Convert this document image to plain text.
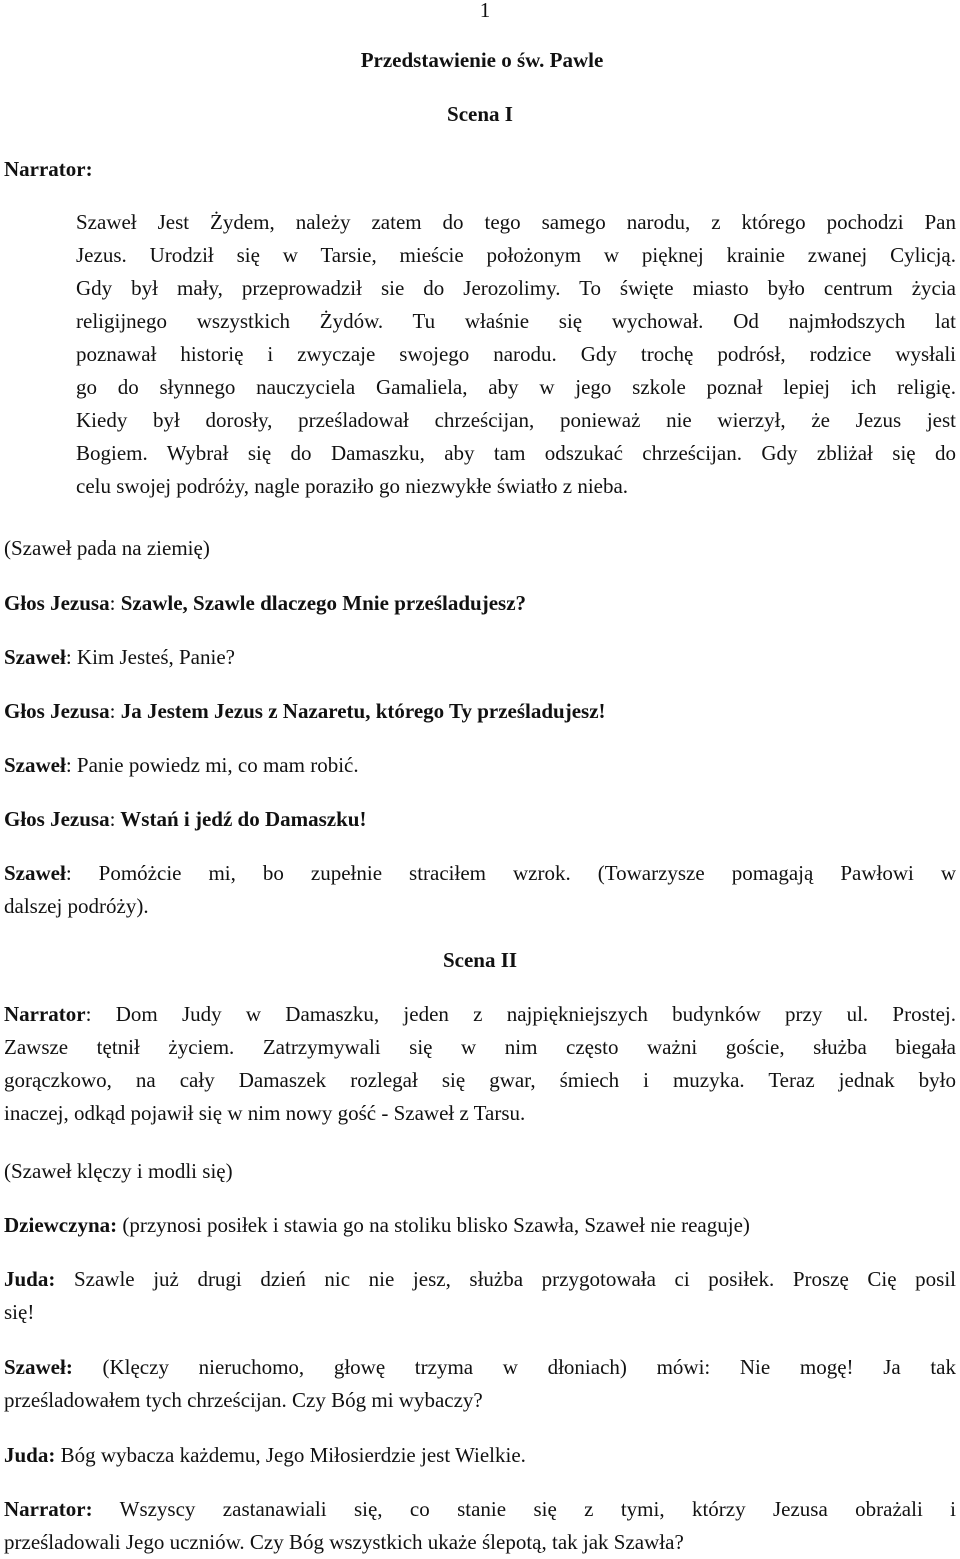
1
Przedstawienie o św. Pawle
Scena I
Narrator:
Szaweł Jest Żydem, należy zatem do tego samego narodu, z którego pochodzi Pan
Jezus. Urodził się w Tarsie, mieście położonym w pięknej krainie zwanej Cylicją.
Gdy był mały, przeprowadził sie do Jerozolimy. To święte miasto było centrum życia
religijnego wszystkich Żydów. Tu właśnie się wychował. Od najmłodszych lat
poznawał historię i zwyczaje swojego narodu. Gdy trochę podrósł, rodzice wysłali
go do słynnego nauczyciela Gamaliela, aby w jego szkole poznał lepiej ich religię.
Kiedy był dorosły, prześladował chrześcijan, ponieważ nie wierzył, że Jezus jest
Bogiem. Wybrał się do Damaszku, aby tam odszukać chrześcijan. Gdy zbliżał się do
celu swojej podróży, nagle poraziło go niezwykłe światło z nieba.
(Szaweł pada na ziemię)
Głos Jezusa: Szawle, Szawle dlaczego Mnie prześladujesz?
Szaweł: Kim Jesteś, Panie?
Głos Jezusa: Ja Jestem Jezus z Nazaretu, którego Ty prześladujesz!
Szaweł: Panie powiedz mi, co mam robić.
Głos Jezusa: Wstań i jedź do Damaszku!
Szaweł: Pomóżcie mi, bo zupełnie straciłem wzrok. (Towarzysze pomagają Pawłowi w
dalszej podróży).
Scena II
Narrator: Dom Judy w Damaszku, jeden z najpiękniejszych budynków przy ul. Prostej.
Zawsze tętnił życiem. Zatrzymywali się w nim często ważni goście, służba biegała
gorączkowo, na cały Damaszek rozlegał się gwar, śmiech i muzyka. Teraz jednak było
inaczej, odkąd pojawił się w nim nowy gość - Szaweł z Tarsu.
(Szaweł klęczy i modli się)
Dziewczyna: (przynosi posiłek i stawia go na stoliku blisko Szawła, Szaweł nie reaguje)
Juda: Szawle już drugi dzień nic nie jesz, służba przygotowała ci posiłek. Proszę Cię posil
się!
Szaweł: (Klęczy nieruchomo, głowę trzyma w dłoniach) mówi: Nie mogę! Ja tak
prześladowałem tych chrześcijan. Czy Bóg mi wybaczy?
Juda: Bóg wybacza każdemu, Jego Miłosierdzie jest Wielkie.
Narrator: Wszyscy zastanawiali się, co stanie się z tymi, którzy Jezusa obrażali i
prześladowali Jego uczniów. Czy Bóg wszystkich ukaże ślepotą, tak jak Szawła?
